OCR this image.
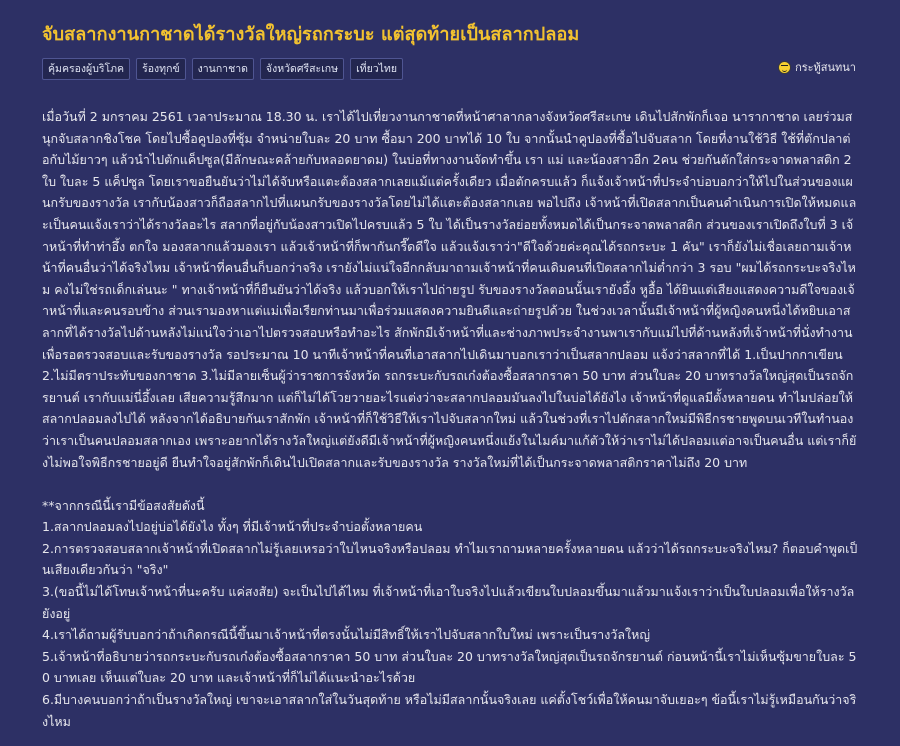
จับสลากงานกาชาดได้รางวัลใหญ่รถกระบะ แต่สุดท้ายเป็นสลากปลอม
คุ้มครองผู้บริโภค	ร้องทุกข์	งานกาชาด	จังหวัดศรีสะเกษ	เที่ยวไทย	กระทู้สนทนา

เมื่อวันที่ 2 มกราคม 2561 เวลาประมาณ 18.30 น. เราได้ไปเที่ยวงานกาชาดที่หน้าศาลากลางจังหวัดศรีสะเกษ เดินไปสักพักก็เจอ นารากาชาด เลยร่วมสนุกจับสลากชิงโชค โดยไปซื้อคูปองที่ซุ้ม จำหน่ายใบละ 20 บาท ซื้อมา 200 บาทได้ 10 ใบ จากนั้นนำคูปองที่ซื้อไปจับสลาก โดยที่งานใช้วิธี ใช้ที่ตักปลาต่อกับไม้ยาวๆ แล้วนำไปตักแค็ปซูล(มีลักษณะคล้ายกับหลอดยาดม) ในบ่อที่ทางงานจัดทำขึ้น เรา แม่ และน้องสาวอีก 2คน ช่วยกันตักใส่กระจาดพลาสติก 2 ใบ ใบละ 5 แค็ปซูล โดยเราขอยืนยันว่าไม่ได้จับหรือแตะต้องสลากเลยแม้แต่ครั้งเดียว เมื่อตักครบแล้ว ก็แจ้งเจ้าหน้าที่ประจำบ่อบอกว่าให้ไปในส่วนของแผนกรับของรางวัล เรากับน้องสาวก็ถือสลากไปที่แผนกรับของรางวัลโดยไม่ได้แตะต้องสลากเลย พอไปถึง เจ้าหน้าที่เปิดสลากเป็นคนดำเนินการเปิดให้หมดและเป็นคนแจ้งเราว่าได้รางวัลอะไร สลากที่อยู่กับน้องสาวเปิดไปครบแล้ว 5 ใบ ได้เป็นรางวัลย่อยทั้งหมดได้เป็นกระจาดพลาสติก ส่วนของเราเปิดถึงใบที่ 3 เจ้าหน้าที่ทำท่าอึ้ง ตกใจ มองสลากแล้วมองเรา แล้วเจ้าหน้าที่ก็พากันกรี๊ดดีใจ แล้วแจ้งเราว่า"ดีใจด้วยค่ะคุณได้รถกระบะ 1 คัน" เราก็ยังไม่เชื่อเลยถามเจ้าหน้าที่คนอื่นว่าได้จริงไหม เจ้าหน้าที่คนอื่นก็บอกว่าจริง เรายังไม่แน่ใจอีกกลับมาถามเจ้าหน้าที่คนเดิมคนที่เปิดสลากไม่ต่ำกว่า 3 รอบ "ผมได้รถกระบะจริงไหม คงไม่ใช่รถเด็กเล่นนะ " ทางเจ้าหน้าที่ก็ยืนยันว่าได้จริง แล้วบอกให้เราไปถ่ายรูป รับของรางวัลตอนนั้นเรายังอึ้ง หูอื้อ ได้ยินแต่เสียงแสดงความดีใจของเจ้าหน้าที่และคนรอบข้าง ส่วนเรามองหาแต่แม่เพื่อเรียกท่านมาเพื่อร่วมแสดงความยินดีและถ่ายรูปด้วย ในช่วงเวลานั้นมีเจ้าหน้าที่ผู้หญิงคนหนึ่งได้หยิบเอาสลากที่ได้รางวัลไปด้านหลังไม่แน่ใจว่าเอาไปตรวจสอบหรือทำอะไร สักพักมีเจ้าหน้าที่และช่างภาพประจำงานพาเรากับแม่ไปที่ด้านหลังที่เจ้าหน้าที่นั่งทำงาน เพื่อรอตรวจสอบและรับของรางวัล รอประมาณ 10 นาทีเจ้าหน้าที่คนที่เอาสลากไปเดินมาบอกเราว่าเป็นสลากปลอม แจ้งว่าสลากที่ได้ 1.เป็นปากกาเขียน 2.ไม่มีตราประทับของกาชาด 3.ไม่มีลายเซ็นผู้ว่าราชการจังหวัด รถกระบะกับรถเก๋งต้องซื้อสลากราคา 50 บาท ส่วนใบละ 20 บาทรางวัลใหญ่สุดเป็นรถจักรยานต์ เรากับแม่นี่อึ้งเลย เสียความรู้สึกมาก แต่ก็ไม่ได้โวยวายอะไรแต่งว่าจะสลากปลอมมันลงไปในบ่อได้ยังไง เจ้าหน้าที่ดูแลมีตั้งหลายคน ทำไมปล่อยให้สลากปลอมลงไปได้ หลังจากได้อธิบายกันเราสักพัก เจ้าหน้าที่ก็ใช้วิธีให้เราไปจับสลากใหม่ แล้วในช่วงที่เราไปตักสลากใหม่มีพิธีกรชายพูดบนเวทีในทำนองว่าเราเป็นคนปลอมสลากเอง เพราะอยากได้รางวัลใหญ่แต่ยังดีมีเจ้าหน้าที่ผู้หญิงคนหนึ่งแย้งในไมค์มาแก้ตัวให้ว่าเราไม่ได้ปลอมแต่อาจเป็นคนอื่น แต่เราก็ยังไม่พอใจพิธีกรชายอยู่ดี ยืนทำใจอยู่สักพักก็เดินไปเปิดสลากและรับของรางวัล รางวัลใหม่ที่ได้เป็นกระจาดพลาสติกราคาไม่ถึง 20 บาท

**จากกรณีนี้เรามีข้อสงสัยดังนี้

1.สลากปลอมลงไปอยู่บ่อได้ยังไง ทั้งๆ ที่มีเจ้าหน้าที่ประจำบ่อตั้งหลายคน

2.การตรวจสอบสลากเจ้าหน้าที่เปิดสลากไม่รู้เลยเหรอว่าใบไหนจริงหรือปลอม ทำไมเราถามหลายครั้งหลายคน แล้วว่าได้รถกระบะจริงไหม? ก็ตอบคำพูดเป็นเสียงเดียวกันว่า "จริง"

3.(ขอนี้ไม่ได้โทษเจ้าหน้าที่นะครับ แค่สงสัย) จะเป็นไปได้ไหม ที่เจ้าหน้าที่เอาใบจริงไปแล้วเขียนใบปลอมขึ้นมาแล้วมาแจ้งเราว่าเป็นใบปลอมเพื่อให้รางวัลยังอยู่

4.เราได้ถามผู้รับบอกว่าถ้าเกิดกรณีนี้ขึ้นมาเจ้าหน้าที่ตรงนั้นไม่มีสิทธิ์ให้เราไปจับสลากใบใหม่ เพราะเป็นรางวัลใหญ่

5.เจ้าหน้าที่อธิบายว่ารถกระบะกับรถเก๋งต้องซื้อสลากราคา 50 บาท ส่วนใบละ 20 บาทรางวัลใหญ่สุดเป็นรถจักรยานต์ ก่อนหน้านี้เราไม่เห็นซุ้มขายใบละ 50 บาทเลย เห็นแต่ใบละ 20 บาท และเจ้าหน้าที่ก็ไม่ได้แนะนำอะไรด้วย

6.มีบางคนบอกว่าถ้าเป็นรางวัลใหญ่ เขาจะเอาสลากใส่ในวันสุดท้าย หรือไม่มีสลากนั้นจริงเลย แค่ตั้งโชว์เพื่อให้คนมาจับเยอะๆ ข้อนี้เราไม่รู้เหมือนกันว่าจริงไหม
